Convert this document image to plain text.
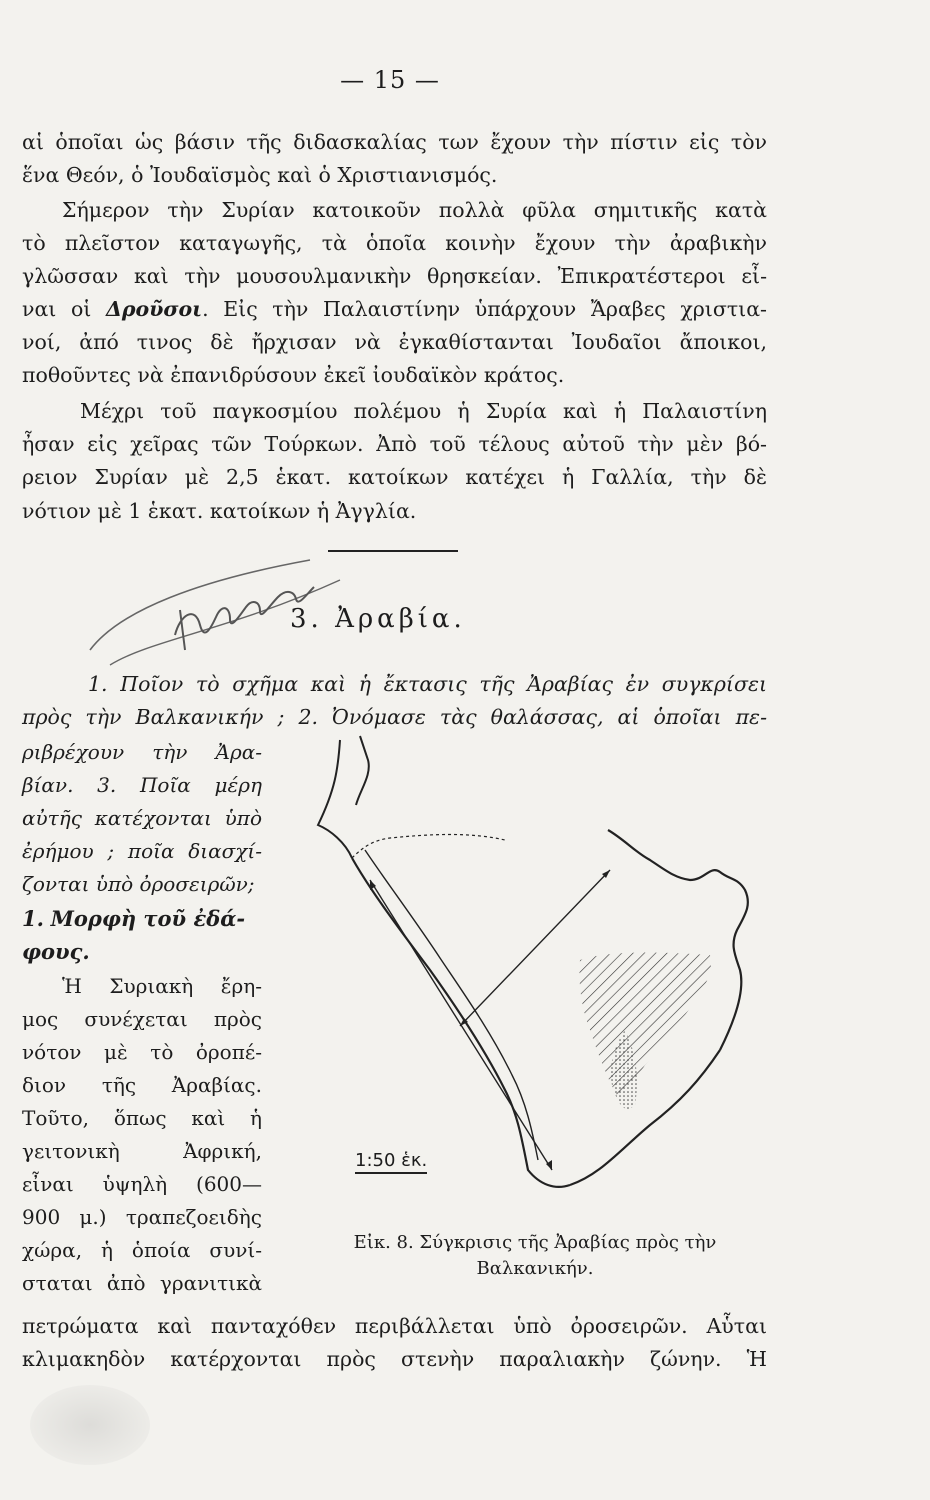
— 15 —
αἱ ὁποῖαι ὡς βάσιν τῆς διδασκαλίας των ἔχουν τὴν πίστιν εἰς τὸν
ἕνα Θεόν, ὁ Ἰουδαϊσμὸς καὶ ὁ Χριστιανισμός.
Σήμερον τὴν Συρίαν κατοικοῦν πολλὰ φῦλα σημιτικῆς κατὰ
τὸ πλεῖστον καταγωγῆς, τὰ ὁποῖα κοινὴν ἔχουν τὴν ἀραβικὴν
γλῶσσαν καὶ τὴν μουσουλμανικὴν θρησκείαν. Ἐπικρατέστεροι εἶ-
ναι οἱ Δροῦσοι. Εἰς τὴν Παλαιστίνην ὑπάρχουν Ἄραβες χριστια-
νοί, ἀπό τινος δὲ ἤρχισαν νὰ ἐγκαθίστανται Ἰουδαῖοι ἄποικοι,
ποθοῦντες νὰ ἐπανιδρύσουν ἐκεῖ ἰουδαϊκὸν κράτος.
Μέχρι τοῦ παγκοσμίου πολέμου ἡ Συρία καὶ ἡ Παλαιστίνη
ἦσαν εἰς χεῖρας τῶν Τούρκων. Ἀπὸ τοῦ τέλους αὐτοῦ τὴν μὲν βό-
ρειον Συρίαν μὲ 2,5 ἑκατ. κατοίκων κατέχει ἡ Γαλλία, τὴν δὲ
νότιον μὲ 1 ἑκατ. κατοίκων ἡ Ἀγγλία.
3. Ἀραβία.
1. Ποῖον τὸ σχῆμα καὶ ἡ ἔκτασις τῆς Ἀραβίας ἐν συγκρίσει
πρὸς τὴν Βαλκανικήν ; 2. Ὀνόμασε τὰς θαλάσσας, αἱ ὁποῖαι πε-
ριβρέχουν τὴν Ἀρα-
βίαν. 3. Ποῖα μέρη
αὐτῆς κατέχονται ὑπὸ
ἐρήμου ; ποῖα διασχί-
ζονται ὑπὸ ὀροσειρῶν;
1. Μορφὴ τοῦ ἐδά-
φους.
Ἡ Συριακὴ ἔρη-
μος συνέχεται πρὸς
νότον μὲ τὸ ὀροπέ-
διον τῆς Ἀραβίας.
Τοῦτο, ὅπως καὶ ἡ
γειτονικὴ Ἀφρική,
εἶναι ὑψηλὴ (600—
900 μ.) τραπεζοειδὴς
χώρα, ἡ ὁποία συνί-
σταται ἀπὸ γρανιτικὰ
1:50 ἑκ.
Εἰκ. 8. Σύγκρισις τῆς Ἀραβίας πρὸς τὴν
Βαλκανικήν.
πετρώματα καὶ πανταχόθεν περιβάλλεται ὑπὸ ὀροσειρῶν. Αὗται
κλιμακηδὸν κατέρχονται πρὸς στενὴν παραλιακὴν ζώνην. Ἡ
